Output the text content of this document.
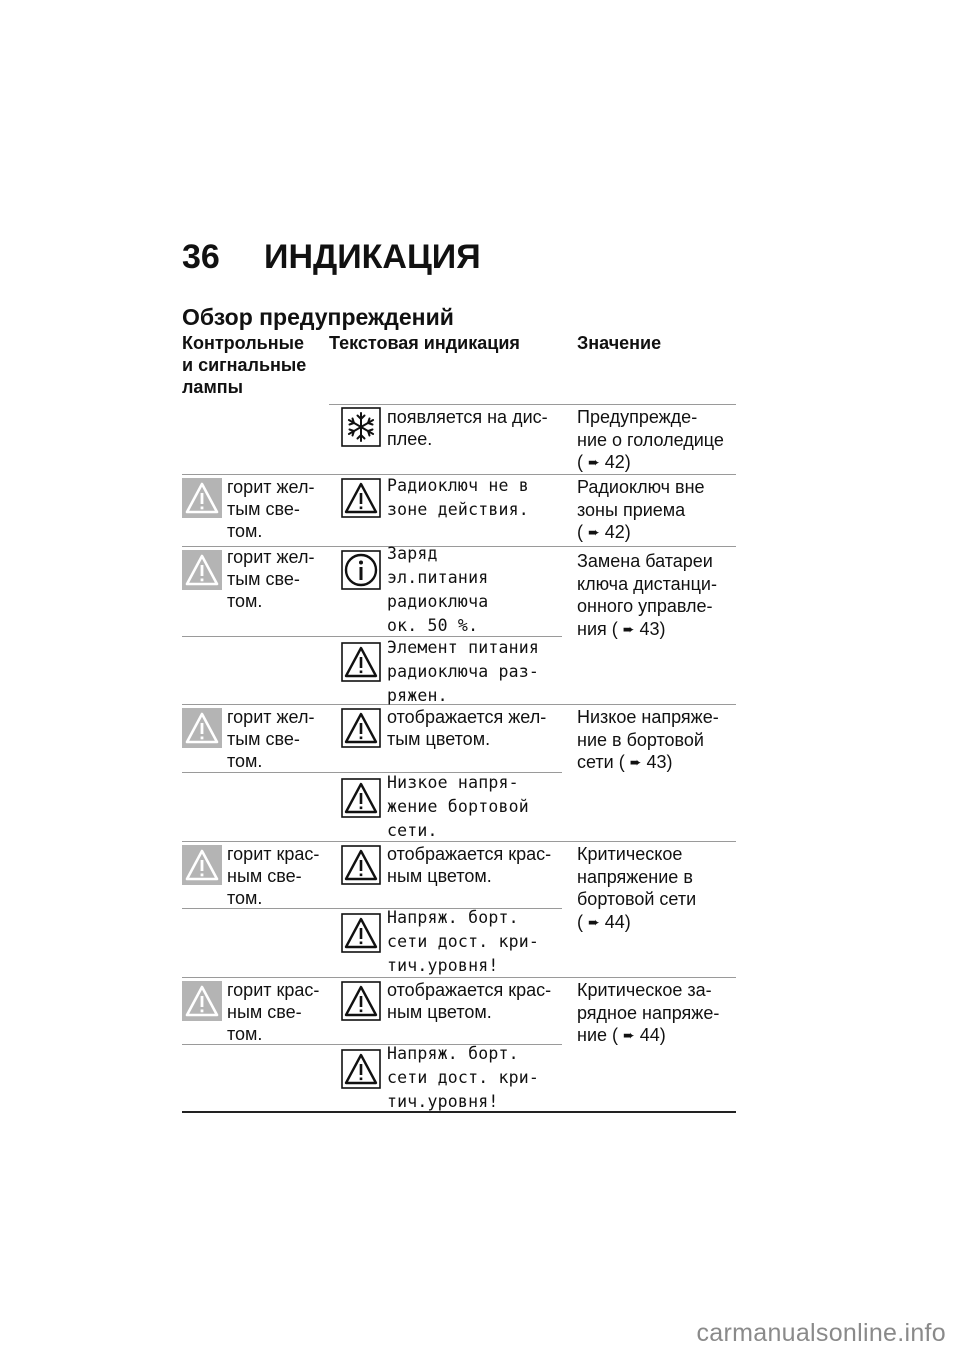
36 ИНДИКАЦИЯ
Обзор предупреждений
Контрольные
и сигнальные
лампы
Текстовая индикация	Значение
появляется на дис-
плее.
Предупрежде-
ние о гололедице
( ➨ 42)
горит жел-
тым све-
том.
Радиоключ не в
зоне действия.
Радиоключ вне
зоны приема
( ➨ 42)
горит жел-
тым све-
том.
Заряд
эл.питания
радиоключа
ок. 50 %.
Замена батареи
ключа дистанци-
онного управле-
ния ( ➨ 43)
Элемент питания
радиоключа раз-
ряжен.
горит жел-
тым све-
том.
отображается жел-
тым цветом.
Низкое напряже-
ние в бортовой
сети ( ➨ 43)
Низкое напря-
жение бортовой
сети.
горит крас-
ным све-
том.
отображается крас-
ным цветом.
Критическое
напряжение в
бортовой сети
( ➨ 44)
Напряж. борт.
сети дост. кри-
тич.уровня!
горит крас-
ным све-
том.
отображается крас-
ным цветом.
Критическое за-
рядное напряже-
ние ( ➨ 44)
Напряж. борт.
сети дост. кри-
тич.уровня!
carmanualsonline.info
